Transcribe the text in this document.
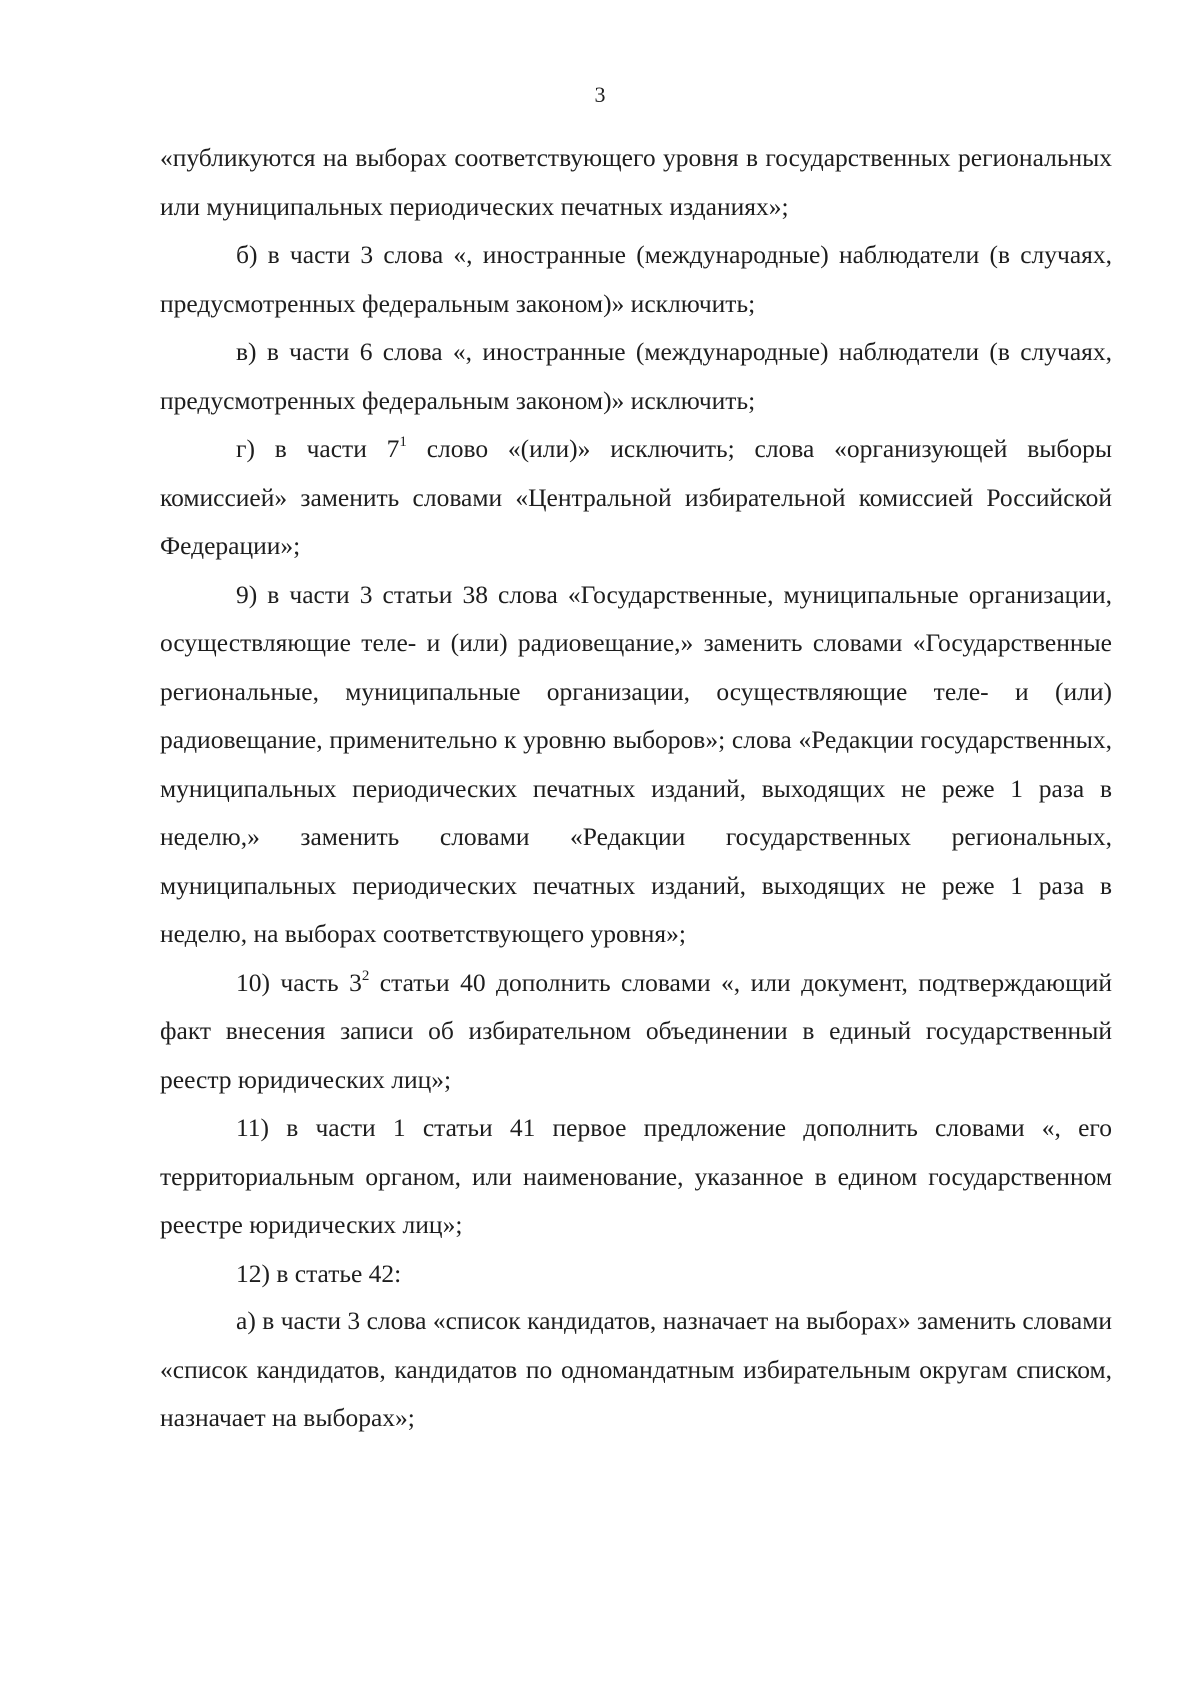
3

«публикуются на выборах соответствующего уровня в государственных региональных или муниципальных периодических печатных изданиях»;

б) в части 3 слова «, иностранные (международные) наблюдатели (в случаях, предусмотренных федеральным законом)» исключить;

в) в части 6 слова «, иностранные (международные) наблюдатели (в случаях, предусмотренных федеральным законом)» исключить;

г) в части $7^1$ слово «(или)» исключить; слова «организующей выборы комиссией» заменить словами «Центральной избирательной комиссией Российской Федерации»;

9) в части 3 статьи 38 слова «Государственные, муниципальные организации, осуществляющие теле- и (или) радиовещание,» заменить словами «Государственные региональные, муниципальные организации, осуществляющие теле- и (или) радиовещание, применительно к уровню выборов»; слова «Редакции государственных, муниципальных периодических печатных изданий, выходящих не реже 1 раза в неделю,» заменить словами «Редакции государственных региональных, муниципальных периодических печатных изданий, выходящих не реже 1 раза в неделю, на выборах соответствующего уровня»;

10) часть $3^2$ статьи 40 дополнить словами «, или документ, подтверждающий факт внесения записи об избирательном объединении в единый государственный реестр юридических лиц»;

11) в части 1 статьи 41 первое предложение дополнить словами «, его территориальным органом, или наименование, указанное в едином государственном реестре юридических лиц»;

12) в статье 42:

а) в части 3 слова «список кандидатов, назначает на выборах» заменить словами «список кандидатов, кандидатов по одномандатным избирательным округам списком, назначает на выборах»;
